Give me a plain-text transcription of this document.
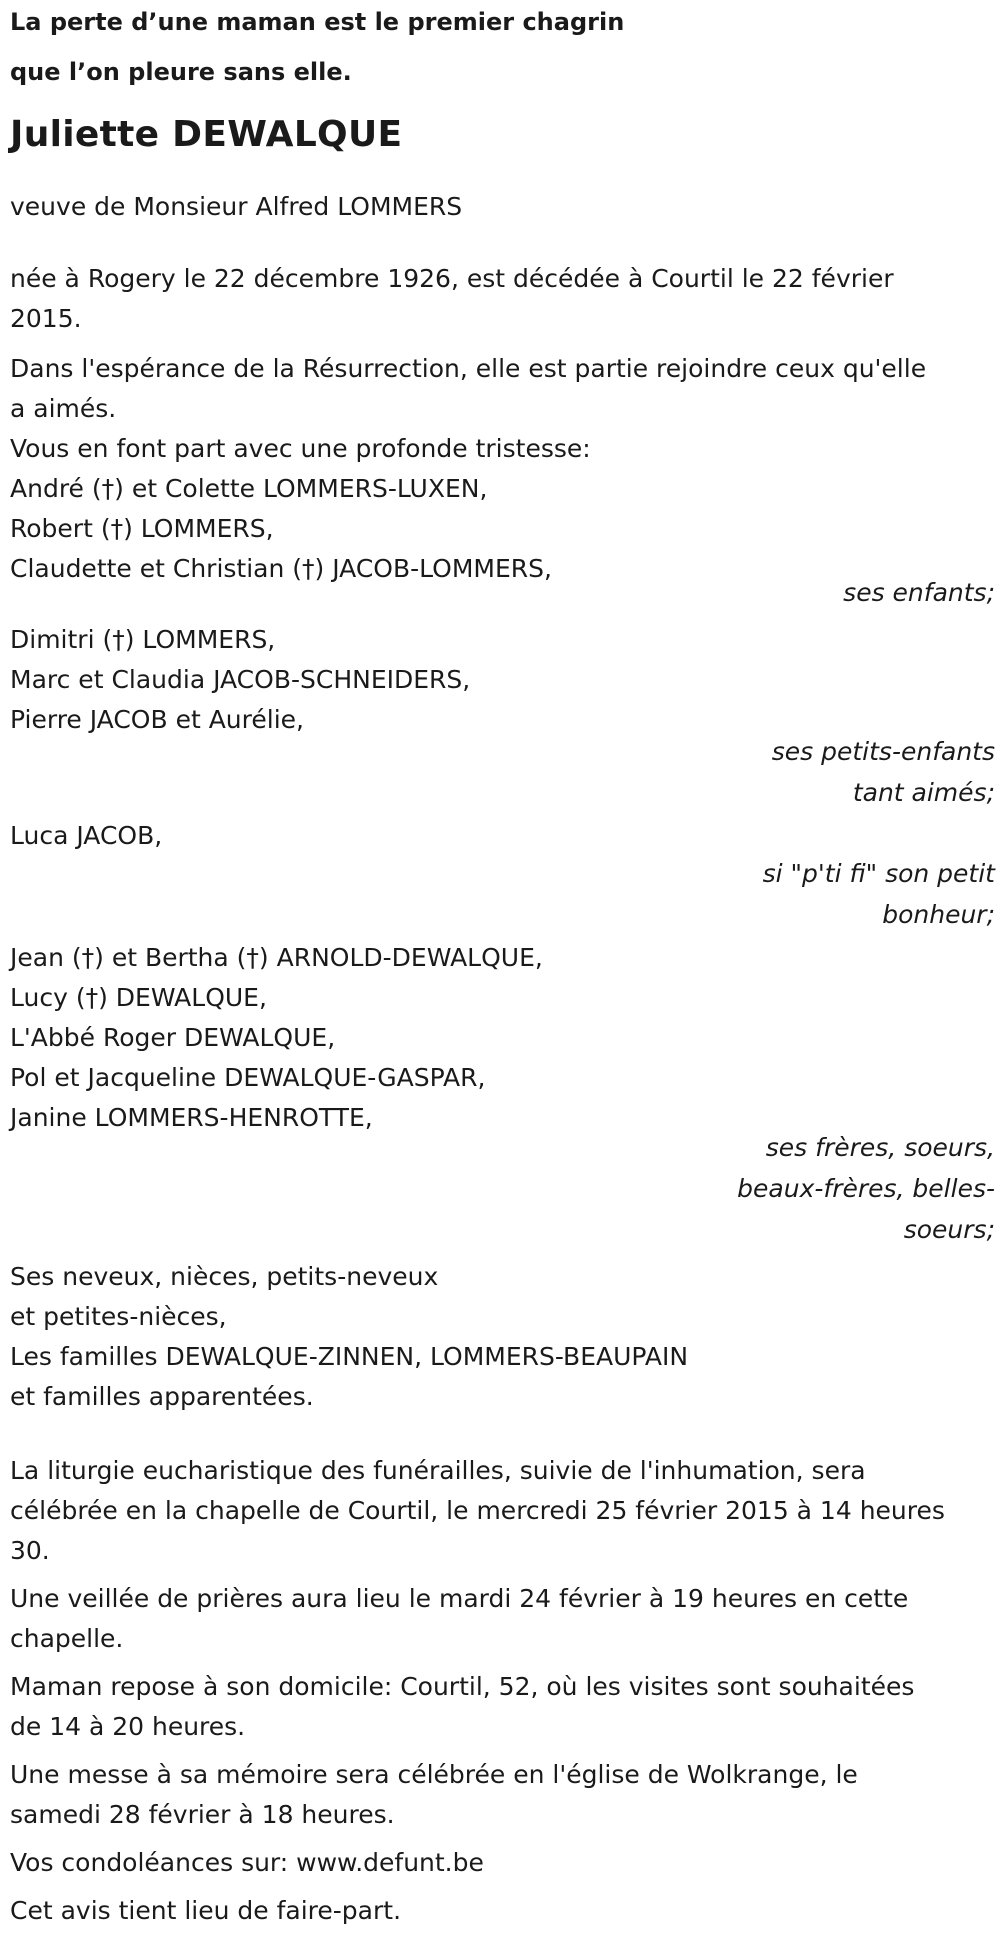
La perte d’une maman est le premier chagrin
que l’on pleure sans elle.
Juliette DEWALQUE
veuve de Monsieur Alfred LOMMERS
née à Rogery le 22 décembre 1926, est décédée à Courtil le 22 février
2015.
Dans l'espérance de la Résurrection, elle est partie rejoindre ceux qu'elle
a aimés.
Vous en font part avec une profonde tristesse:
André (†) et Colette LOMMERS-LUXEN,
Robert (†) LOMMERS,
Claudette et Christian (†) JACOB-LOMMERS,
ses enfants;
Dimitri (†) LOMMERS,
Marc et Claudia JACOB-SCHNEIDERS,
Pierre JACOB et Aurélie,
ses petits-enfants
tant aimés;
Luca JACOB,
si "p'ti fi" son petit
bonheur;
Jean (†) et Bertha (†) ARNOLD-DEWALQUE,
Lucy (†) DEWALQUE,
L'Abbé Roger DEWALQUE,
Pol et Jacqueline DEWALQUE-GASPAR,
Janine LOMMERS-HENROTTE,
ses frères, soeurs,
beaux-frères, belles-
soeurs;
Ses neveux, nièces, petits-neveux
et petites-nièces,
Les familles DEWALQUE-ZINNEN, LOMMERS-BEAUPAIN
et familles apparentées.
La liturgie eucharistique des funérailles, suivie de l'inhumation, sera
célébrée en la chapelle de Courtil, le mercredi 25 février 2015 à 14 heures
30.
Une veillée de prières aura lieu le mardi 24 février à 19 heures en cette
chapelle.
Maman repose à son domicile: Courtil, 52, où les visites sont souhaitées
de 14 à 20 heures.
Une messe à sa mémoire sera célébrée en l'église de Wolkrange, le
samedi 28 février à 18 heures.
Vos condoléances sur: www.defunt.be
Cet avis tient lieu de faire-part.
